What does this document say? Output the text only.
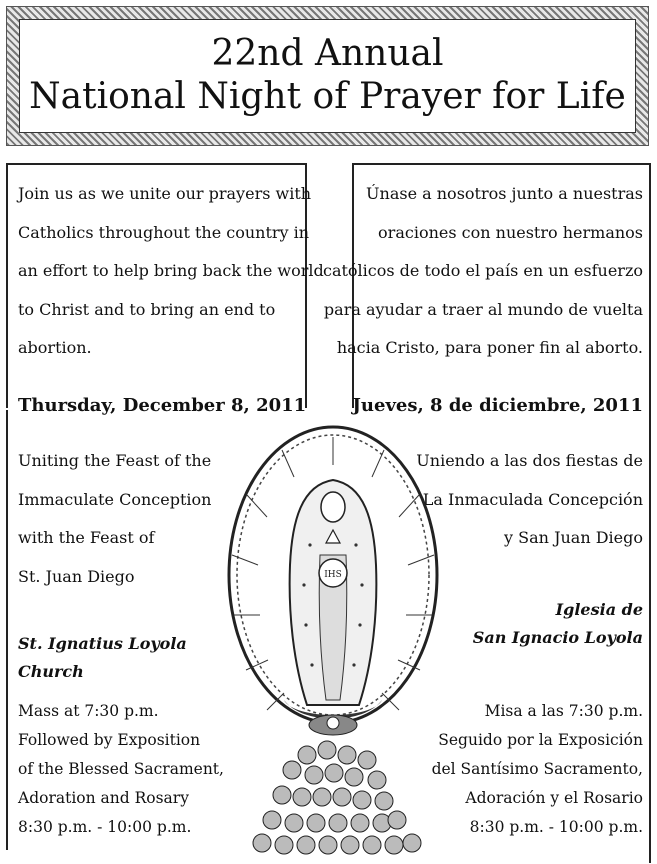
22nd Annual
National Night of Prayer for Life
Join us as we unite our prayers with
Catholics throughout the country in
an effort to help bring back the world
to Christ and to bring an end to
abortion.
Únase a nosotros junto a nuestras
oraciones con nuestro hermanos
católicos de todo el país en un esfuerzo
para ayudar a traer al mundo de vuelta
hacia Cristo, para poner fin al aborto.
Thursday, December 8, 2011	Jueves, 8 de diciembre, 2011
Uniting the Feast of the
Immaculate Conception
with the Feast of
St. Juan Diego
Uniendo a las dos fiestas de
La Inmaculada Concepción
y San Juan Diego
St. Ignatius Loyola
Church
Iglesia de
San Ignacio Loyola
Mass at 7:30 p.m.
Followed by Exposition
of the Blessed Sacrament,
Adoration and Rosary
8:30 p.m. - 10:00 p.m.
Misa a las 7:30 p.m.
Seguido por la Exposición
del Santísimo Sacramento,
Adoración y el Rosario
8:30 p.m. - 10:00 p.m.
IHS
